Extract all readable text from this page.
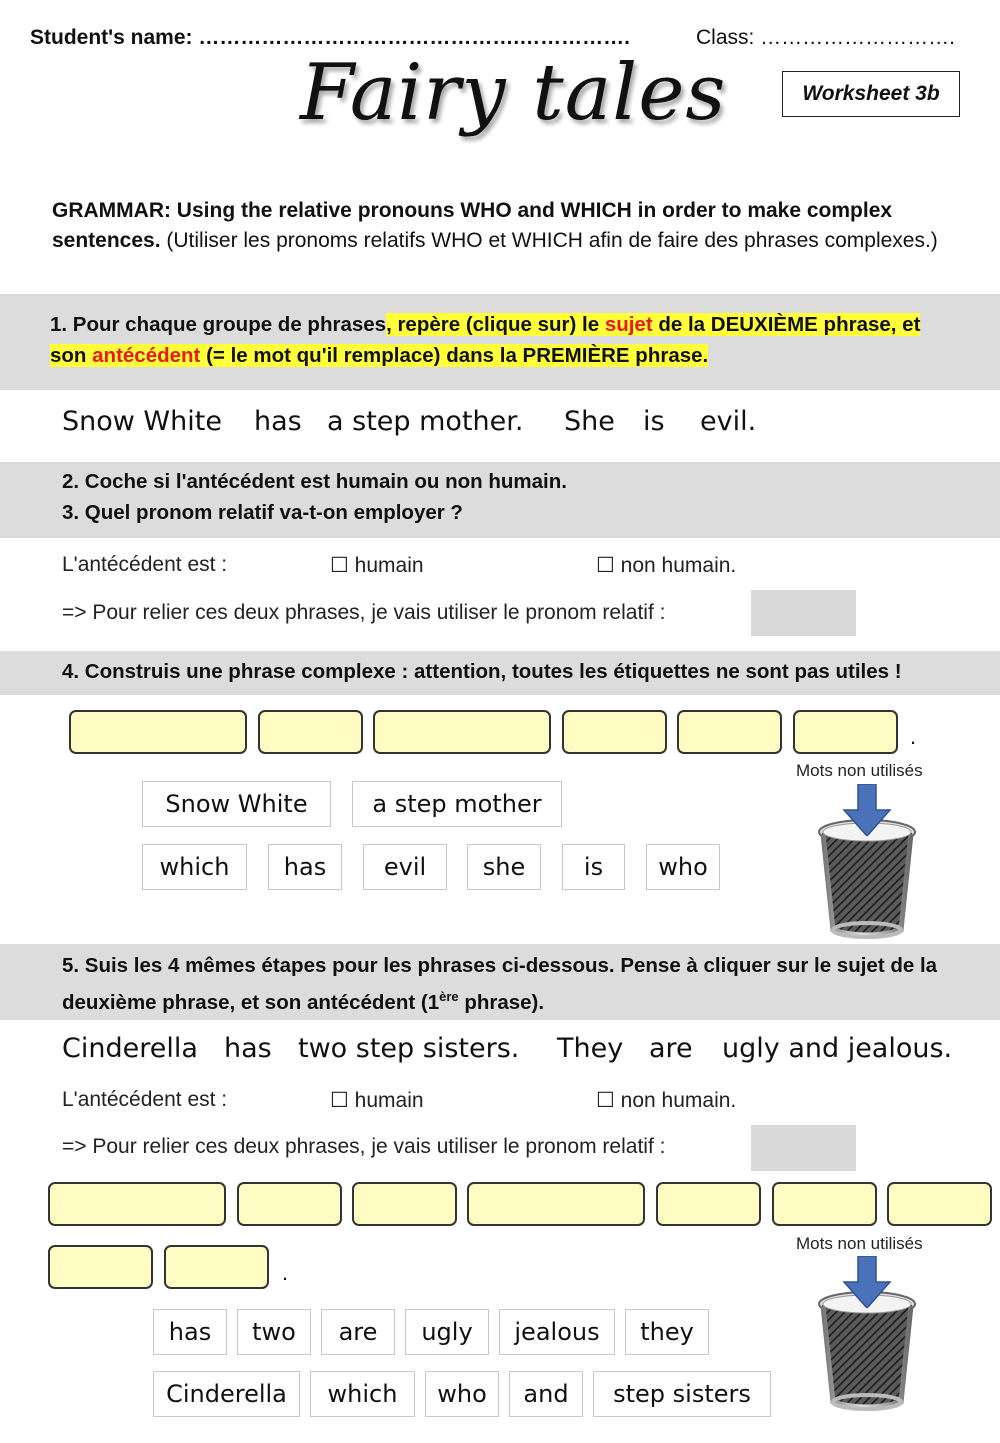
Student's name: ……………………………………….…………….	Class: ……………………….
Fairy tales	Worksheet 3b
GRAMMAR: Using the relative pronouns WHO and WHICH in order to make complex sentences. (Utiliser les pronoms relatifs WHO et WHICH afin de faire des phrases complexes.)
1. Pour chaque groupe de phrases, repère (clique sur) le sujet de la DEUXIÈME phrase, et son antécédent (= le mot qu'il remplace) dans la PREMIÈRE phrase.
Snow White has a step mother. She is evil.
2. Coche si l'antécédent est humain ou non humain.
3. Quel pronom relatif va-t-on employer ?
L'antécédent est :	☐ humain	☐ non humain.
=> Pour relier ces deux phrases, je vais utiliser le pronom relatif :
4. Construis une phrase complexe : attention, toutes les étiquettes ne sont pas utiles !
.
Snow White	a step mother
which	has	evil	she	is	who
Mots non utilisés
5. Suis les 4 mêmes étapes pour les phrases ci-dessous. Pense à cliquer sur le sujet de la deuxième phrase, et son antécédent (1ère phrase).
Cinderella has two step sisters. They are ugly and jealous.
L'antécédent est :	☐ humain	☐ non humain.
=> Pour relier ces deux phrases, je vais utiliser le pronom relatif :
.
has	two	are	ugly	jealous	they
Cinderella	which	who	and	step sisters
Mots non utilisés
